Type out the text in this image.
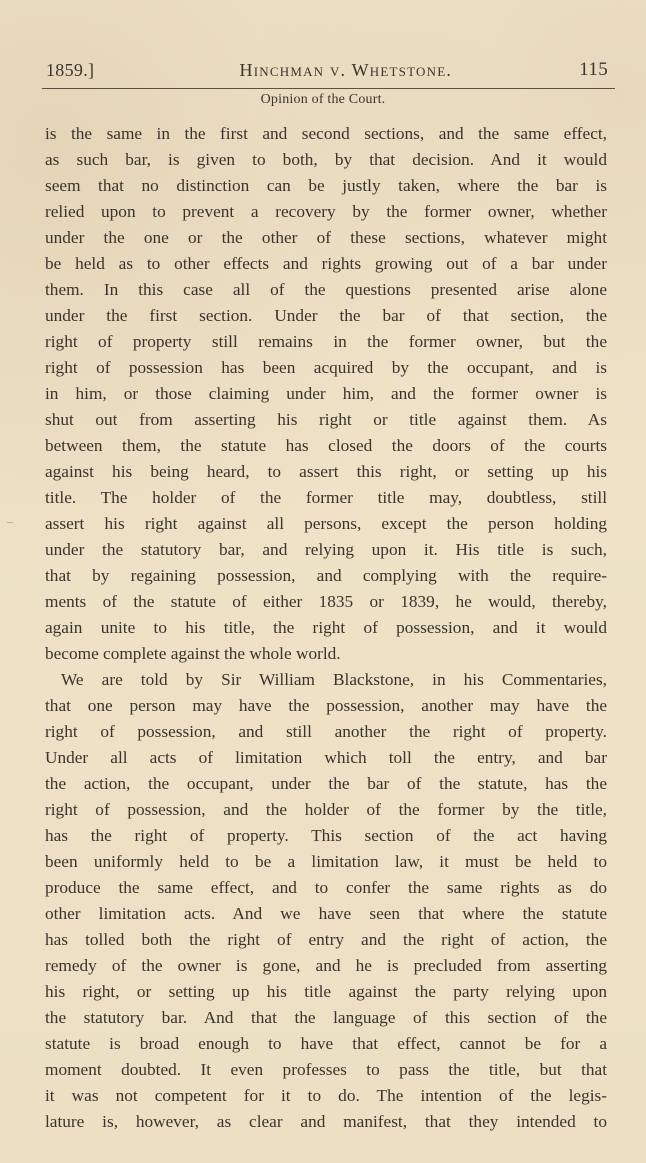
1859.]	Hinchman v. Whetstone.	115
Opinion of the Court.
is the same in the first and second sections, and the same effect,
as such bar, is given to both, by that decision. And it would
seem that no distinction can be justly taken, where the bar is
relied upon to prevent a recovery by the former owner, whether
under the one or the other of these sections, whatever might
be held as to other effects and rights growing out of a bar under
them. In this case all of the questions presented arise alone
under the first section. Under the bar of that section, the
right of property still remains in the former owner, but the
right of possession has been acquired by the occupant, and is
in him, or those claiming under him, and the former owner is
shut out from asserting his right or title against them. As
between them, the statute has closed the doors of the courts
against his being heard, to assert this right, or setting up his
title. The holder of the former title may, doubtless, still
assert his right against all persons, except the person holding
under the statutory bar, and relying upon it. His title is such,
that by regaining possession, and complying with the require-
ments of the statute of either 1835 or 1839, he would, thereby,
again unite to his title, the right of possession, and it would
become complete against the whole world.
We are told by Sir William Blackstone, in his Commentaries,
that one person may have the possession, another may have the
right of possession, and still another the right of property.
Under all acts of limitation which toll the entry, and bar
the action, the occupant, under the bar of the statute, has the
right of possession, and the holder of the former by the title,
has the right of property. This section of the act having
been uniformly held to be a limitation law, it must be held to
produce the same effect, and to confer the same rights as do
other limitation acts. And we have seen that where the statute
has tolled both the right of entry and the right of action, the
remedy of the owner is gone, and he is precluded from asserting
his right, or setting up his title against the party relying upon
the statutory bar. And that the language of this section of the
statute is broad enough to have that effect, cannot be for a
moment doubted. It even professes to pass the title, but that
it was not competent for it to do. The intention of the legis-
lature is, however, as clear and manifest, that they intended to
